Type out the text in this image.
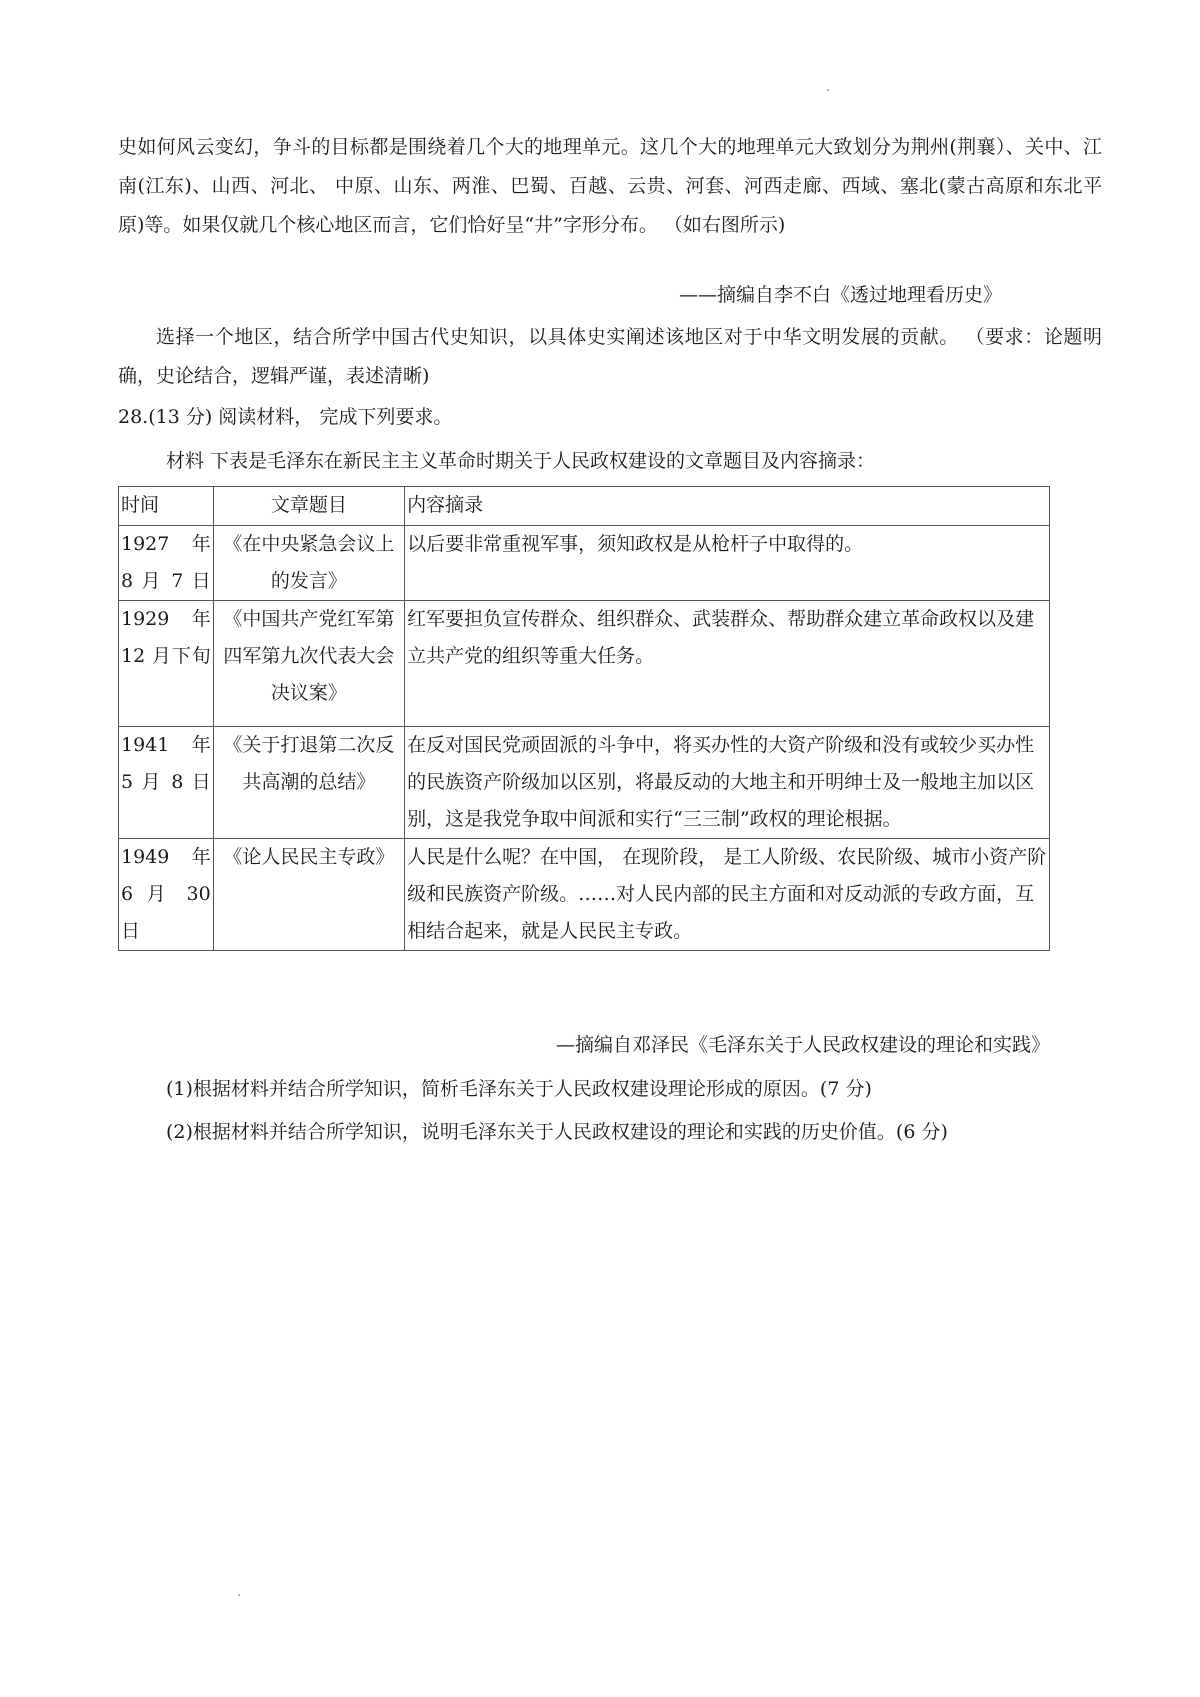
史如何风云变幻，争斗的目标都是围绕着几个大的地理单元。这几个大的地理单元大致划分为荆州(荆襄）、关中、江南(江东)、山西、河北、 中原、山东、两淮、巴蜀、百越、云贵、河套、河西走廊、西域、塞北(蒙古高原和东北平原)等。如果仅就几个核心地区而言，它们恰好呈“井”字形分布。 （如右图所示)

——摘编自李不白《透过地理看历史》

选择一个地区，结合所学中国古代史知识，以具体史实阐述该地区对于中华文明发展的贡献。 （要求：论题明确，史论结合，逻辑严谨，表述清晰)

28.(13 分) 阅读材料， 完成下列要求。
材料 下表是毛泽东在新民主主义革命时期关于人民政权建设的文章题目及内容摘录：
时间	文章题目	内容摘录
1927 年 8 月 7 日	《在中央紧急会议上的发言》	以后要非常重视军事，须知政权是从枪杆子中取得的。
1929 年 12 月下旬	《中国共产党红军第四军第九次代表大会决议案》	红军要担负宣传群众、组织群众、武装群众、帮助群众建立革命政权以及建立共产党的组织等重大任务。
1941 年 5 月 8 日	《关于打退第二次反共高潮的总结》	在反对国民党顽固派的斗争中，将买办性的大资产阶级和没有或较少买办性的民族资产阶级加以区别，将最反动的大地主和开明绅士及一般地主加以区别，这是我党争取中间派和实行“三三制”政权的理论根据。
1949 年 6 月 30 日	《论人民民主专政》	人民是什么呢？在中国， 在现阶段， 是工人阶级、农民阶级、城市小资产阶级和民族资产阶级。……对人民内部的民主方面和对反动派的专政方面，互相结合起来，就是人民民主专政。
—摘编自邓泽民《毛泽东关于人民政权建设的理论和实践》
(1)根据材料并结合所学知识，简析毛泽东关于人民政权建设理论形成的原因。(7 分)
(2)根据材料并结合所学知识，说明毛泽东关于人民政权建设的理论和实践的历史价值。(6 分)
